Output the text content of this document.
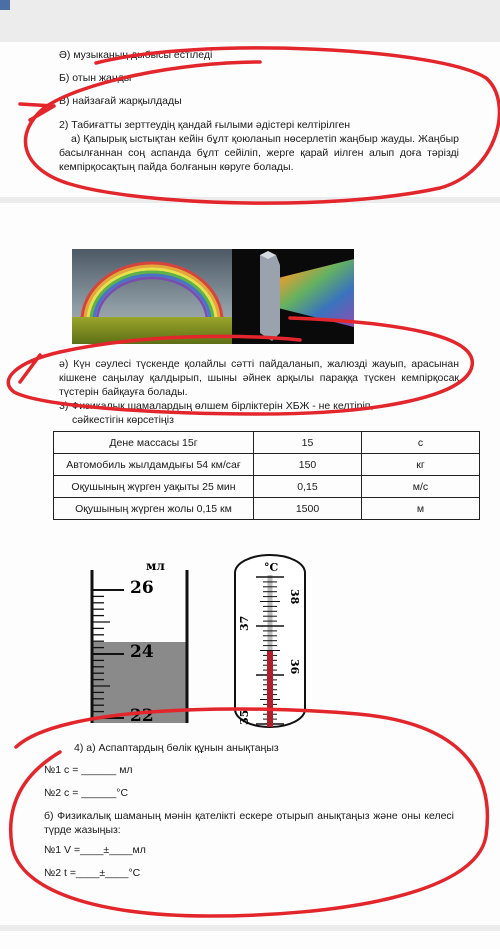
Ә) музыканың дыбысы естіледі
Б) отын жанды
В) найзағай жарқылдады
2) Табиғатты зерттеудің қандай ғылыми әдістері келтірілген
а) Қапырық ыстықтан кейін бұлт қоюланып нөсерлетіп жаңбыр жауды. Жаңбыр басылғаннан соң аспанда бұлт сейіліп, жерге қарай иілген алып доға тәрізді кемпірқосақтың пайда болғанын көруге болады.
ә) Күн сәулесі түскенде қолайлы сәтті пайдаланып, жалюзді жауып, арасынан кішкене саңылау қалдырып, шыны әйнек арқылы параққа түскен кемпірқосақ түстерін байқауға болады.
3) Физикалық шамалардың өлшем бірліктерін ХБЖ - не келтіріп,
сәйкестігін көрсетіңіз
Дене массасы 15г	15	с
Автомобиль жылдамдығы 54 км/сағ	150	кг
Оқушының жүрген уақыты 25 мин	0,15	м/с
Оқушының жүрген жолы 0,15 км	1500	м
мл
26
24
22
°C
38
37
36
35
4) а) Аспаптардың бөлік құнын анықтаңыз
№1 c = ______ мл
№2 c = ______°С
б) Физикалық шаманың мәнін қателікті ескере отырып анықтаңыз және оны келесі түрде жазыңыз:
№1 V =____±____мл
№2 t =____±____°С
